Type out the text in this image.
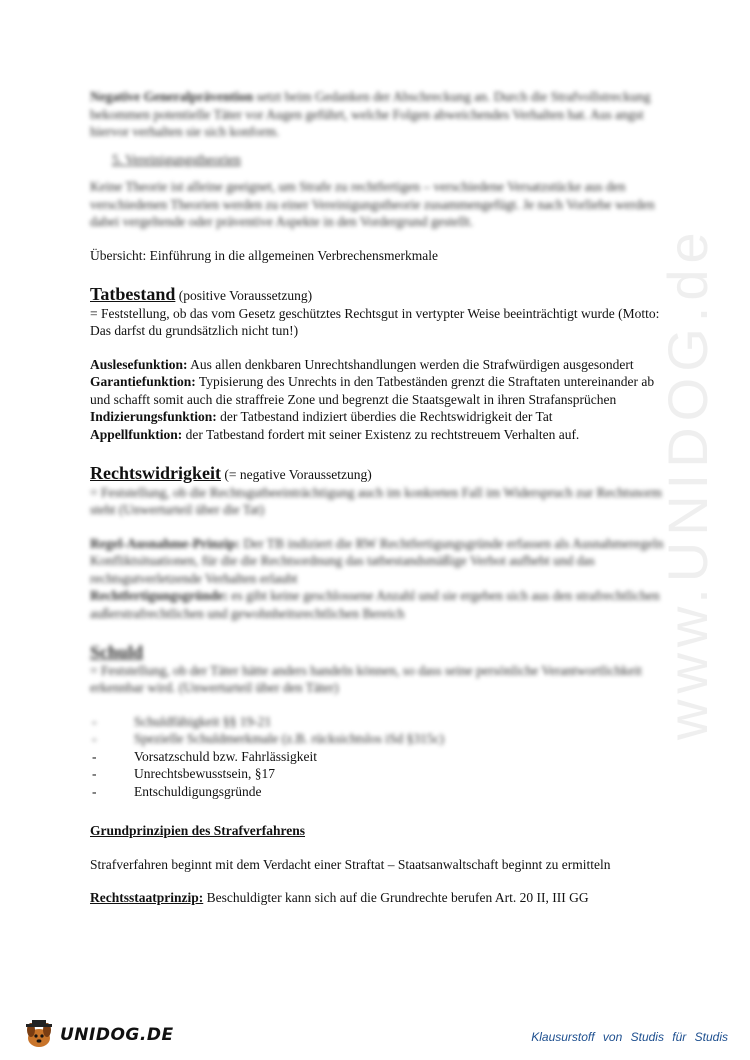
www.UNIDOG.de

Negative Generalprävention setzt beim Gedanken der Abschreckung an. Durch die Strafvollstreckung bekommen potentielle Täter vor Augen geführt, welche Folgen abweichendes Verhalten hat. Aus angst hiervor verhalten sie sich konform.

5. Vereinigungstheorien

Keine Theorie ist alleine geeignet, um Strafe zu rechtfertigen – verschiedene Versatzstücke aus den verschiedenen Theorien werden zu einer Vereinigungstheorie zusammengefügt. Je nach Vorliebe werden dabei vergeltende oder präventive Aspekte in den Vordergrund gestellt.

Übersicht: Einführung in die allgemeinen Verbrechensmerkmale

Tatbestand (positive Voraussetzung)

= Feststellung, ob das vom Gesetz geschütztes Rechtsgut in vertypter Weise beeinträchtigt wurde (Motto: Das darfst du grundsätzlich nicht tun!)

Auslesefunktion: Aus allen denkbaren Unrechtshandlungen werden die Strafwürdigen ausgesondert

Garantiefunktion: Typisierung des Unrechts in den Tatbeständen grenzt die Straftaten untereinander ab und schafft somit auch die straffreie Zone und begrenzt die Staatsgewalt in ihren Strafansprüchen

Indizierungsfunktion: der Tatbestand indiziert überdies die Rechtswidrigkeit der Tat

Appellfunktion: der Tatbestand fordert mit seiner Existenz zu rechtstreuem Verhalten auf.

Rechtswidrigkeit (= negative Voraussetzung)

= Feststellung, ob die Rechtsgutbeeinträchtigung auch im konkreten Fall im Widerspruch zur Rechtsnorm steht (Unwerturteil über die Tat)

Regel-Ausnahme-Prinzip: Der TB indiziert die RW Rechtfertigungsgründe erfassen als Ausnahmeregeln Konfliktsituationen, für die die Rechtsordnung das tatbestandsmäßige Verbot aufhebt und das rechtsgutverletzende Verhalten erlaubt

Rechtfertigungsgründe: es gibt keine geschlossene Anzahl und sie ergeben sich aus den strafrechtlichen außerstrafrechtlichen und gewohnheitsrechtlichen Bereich

Schuld

= Feststellung, ob der Täter hätte anders handeln können, so dass seine persönliche Verantwortlichkeit erkennbar wird. (Unwerturteil über den Täter)

- Schuldfähigkeit §§ 19-21
- Spezielle Schuldmerkmale (z.B. rücksichtslos iSd §315c)
- Vorsatzschuld bzw. Fahrlässigkeit
- Unrechtsbewusstsein, §17
- Entschuldigungsgründe

Grundprinzipien des Strafverfahrens

Strafverfahren beginnt mit dem Verdacht einer Straftat – Staatsanwaltschaft beginnt zu ermitteln

Rechtsstaatprinzip: Beschuldigter kann sich auf die Grundrechte berufen Art. 20 II, III GG

UNIDOG.DE	Klausurstoff von Studis für Studis
